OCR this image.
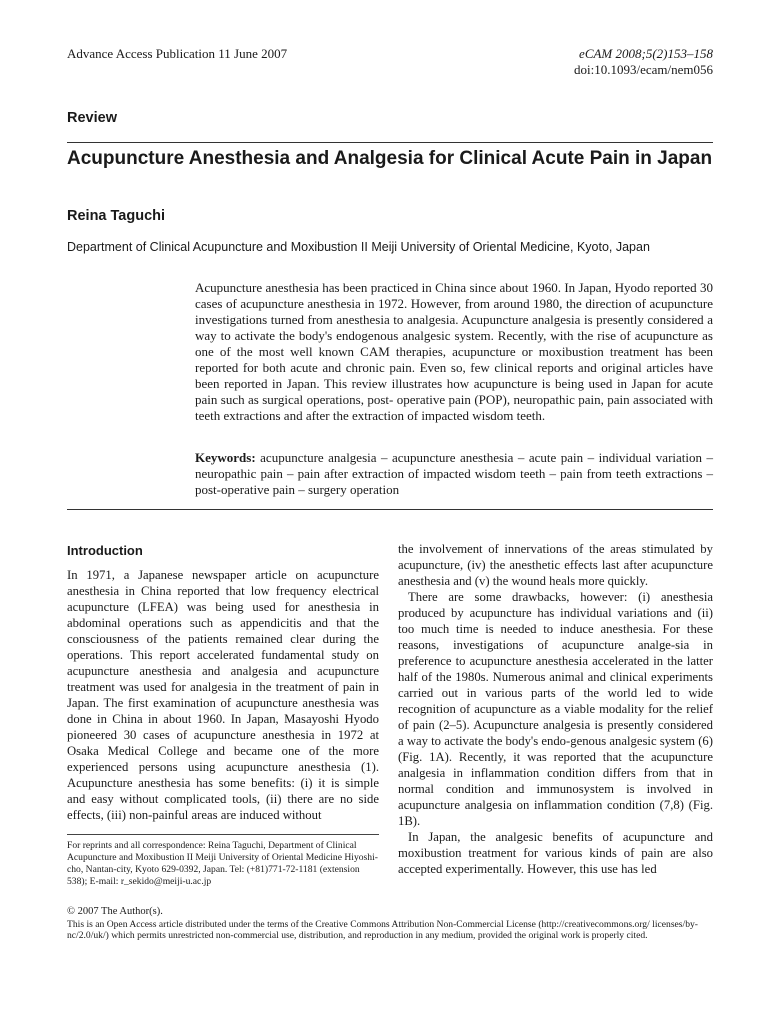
Advance Access Publication 11 June 2007	eCAM 2008;5(2)153–158
doi:10.1093/ecam/nem056
Review
Acupuncture Anesthesia and Analgesia for Clinical Acute Pain in Japan
Reina Taguchi
Department of Clinical Acupuncture and Moxibustion II Meiji University of Oriental Medicine, Kyoto, Japan
Acupuncture anesthesia has been practiced in China since about 1960. In Japan, Hyodo reported 30 cases of acupuncture anesthesia in 1972. However, from around 1980, the direction of acupuncture investigations turned from anesthesia to analgesia. Acupuncture analgesia is presently considered a way to activate the body's endogenous analgesic system. Recently, with the rise of acupuncture as one of the most well known CAM therapies, acupuncture or moxibustion treatment has been reported for both acute and chronic pain. Even so, few clinical reports and original articles have been reported in Japan. This review illustrates how acupuncture is being used in Japan for acute pain such as surgical operations, post- operative pain (POP), neuropathic pain, pain associated with teeth extractions and after the extraction of impacted wisdom teeth.
Keywords: acupuncture analgesia – acupuncture anesthesia – acute pain – individual variation – neuropathic pain – pain after extraction of impacted wisdom teeth – pain from teeth extractions – post-operative pain – surgery operation
Introduction

In 1971, a Japanese newspaper article on acupuncture anesthesia in China reported that low frequency electrical acupuncture (LFEA) was being used for anesthesia in abdominal operations such as appendicitis and that the consciousness of the patients remained clear during the operations. This report accelerated fundamental study on acupuncture anesthesia and analgesia and acupuncture treatment was used for analgesia in the treatment of pain in Japan. The first examination of acupuncture anesthesia was done in China in about 1960. In Japan, Masayoshi Hyodo pioneered 30 cases of acupuncture anesthesia in 1972 at Osaka Medical College and became one of the more experienced persons using acupuncture anesthesia (1). Acupuncture anesthesia has some benefits: (i) it is simple and easy without complicated tools, (ii) there are no side effects, (iii) non-painful areas are induced without

the involvement of innervations of the areas stimulated by acupuncture, (iv) the anesthetic effects last after acupuncture anesthesia and (v) the wound heals more quickly.

There are some drawbacks, however: (i) anesthesia produced by acupuncture has individual variations and (ii) too much time is needed to induce anesthesia. For these reasons, investigations of acupuncture analge-sia in preference to acupuncture anesthesia accelerated in the latter half of the 1980s. Numerous animal and clinical experiments carried out in various parts of the world led to wide recognition of acupuncture as a viable modality for the relief of pain (2–5). Acupuncture analgesia is presently considered a way to activate the body's endo-genous analgesic system (6) (Fig. 1A). Recently, it was reported that the acupuncture analgesia in inflammation condition differs from that in normal condition and immunosystem is involved in acupuncture analgesia on inflammation condition (7,8) (Fig. 1B).

In Japan, the analgesic benefits of acupuncture and moxibustion treatment for various kinds of pain are also accepted experimentally. However, this use has led

For reprints and all correspondence: Reina Taguchi, Department of Clinical Acupuncture and Moxibustion II Meiji University of Oriental Medicine Hiyoshi-cho, Nantan-city, Kyoto 629-0392, Japan. Tel: (+81)771-72-1181 (extension 538); E-mail: r_sekido@meiji-u.ac.jp
© 2007 The Author(s).
This is an Open Access article distributed under the terms of the Creative Commons Attribution Non-Commercial License (http://creativecommons.org/ licenses/by-nc/2.0/uk/) which permits unrestricted non-commercial use, distribution, and reproduction in any medium, provided the original work is properly cited.
